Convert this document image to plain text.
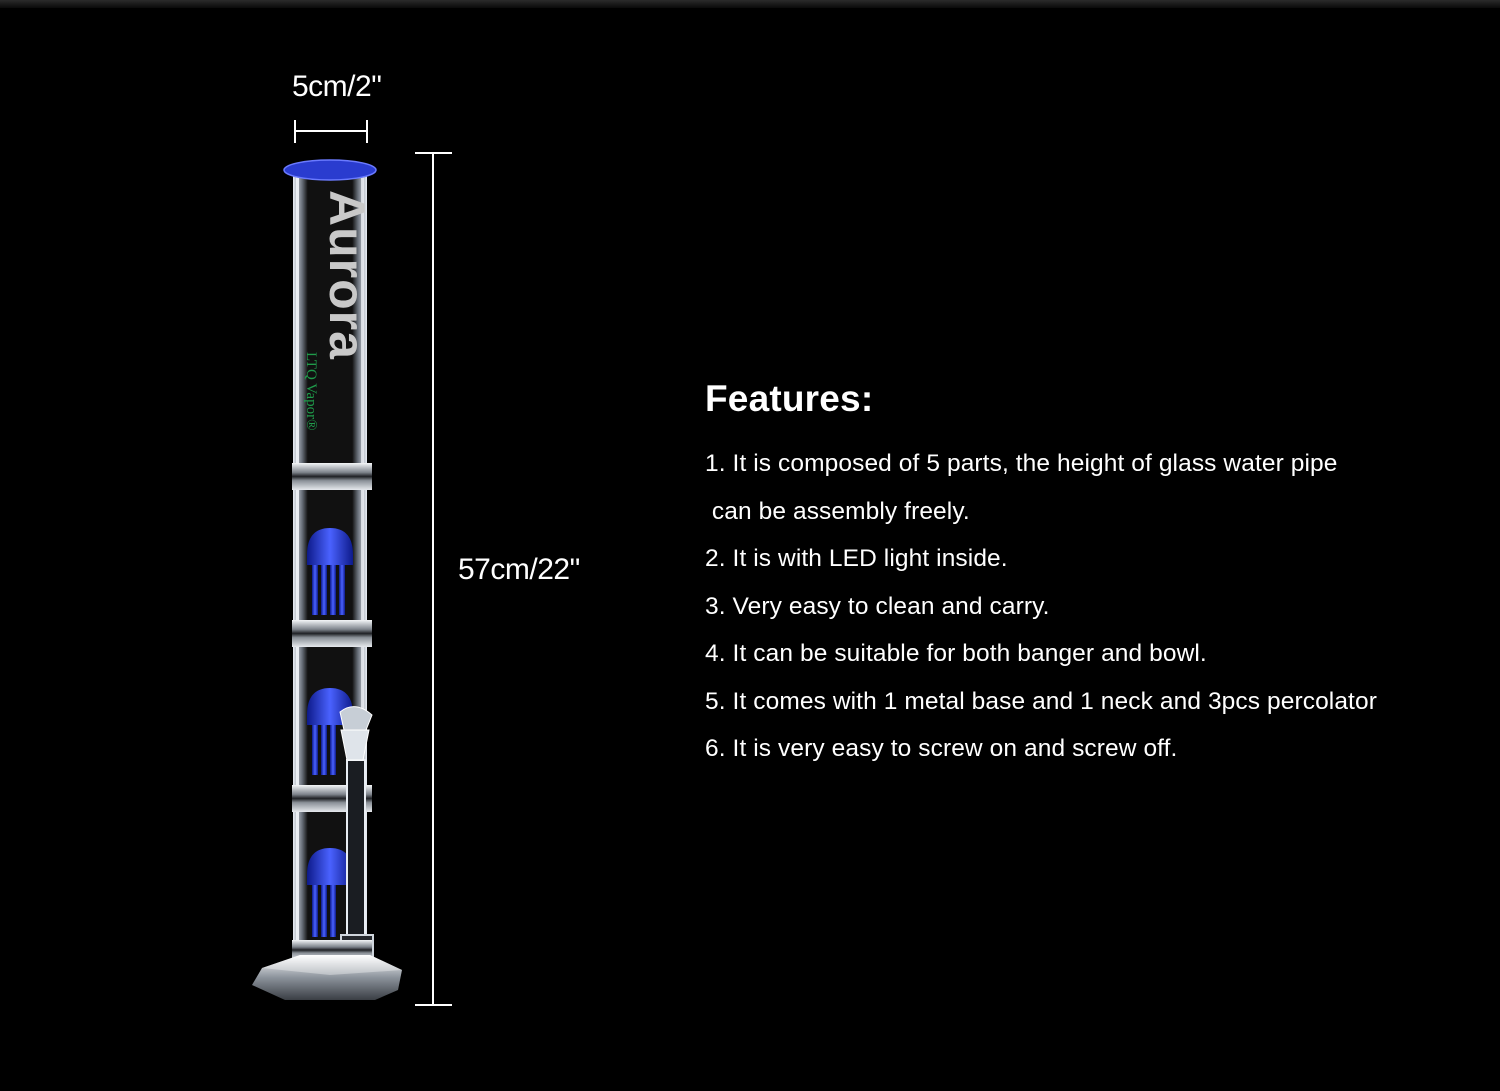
5cm/2"
57cm/22"
Aurora
LTQ Vapor®	Features:
1. It is composed of 5 parts, the height of glass water pipe
can be assembly freely.
2. It is with LED light inside.
3. Very easy to clean and carry.
4. It can be suitable for both banger and bowl.
5. It comes with 1 metal base and 1 neck and 3pcs percolator
6. It is very easy to screw on and screw off.
